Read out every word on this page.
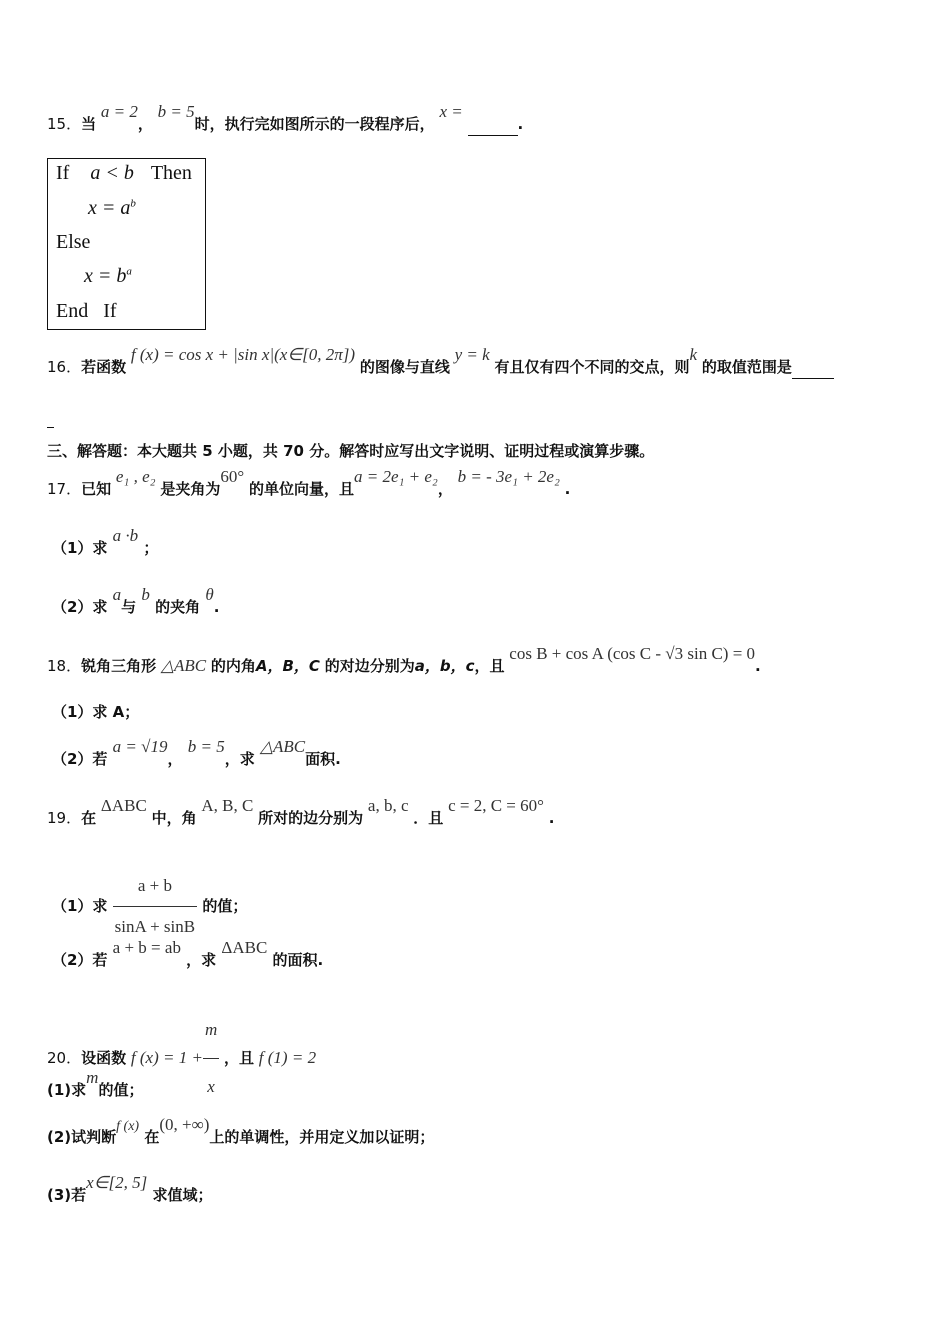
15．当 a = 2， b = 5时，执行完如图所示的一段程序后， x =  .
If a < b Then
$x = a^b$
Else
$x = b^a$
End If
16．若函数 f (x) = cos x + |sin x|(x∈[0, 2π]) 的图像与直线 y = k 有且仅有四个不同的交点，则k 的取值范围是

三、解答题：本大题共 5 小题，共 70 分。解答时应写出文字说明、证明过程或演算步骤。
17．已知 e₁ , e₂ 是夹角为60° 的单位向量，且a = 2e₁ + e₂， b = - 3e₁ + 2e₂ .
（1）求 a ·b ；
（2）求 a与 b 的夹角 θ.
18．锐角三角形 △ABC 的内角A，B，C 的对边分别为a，b，c，且 cos B + cos A (cos C - √3 sin C) = 0.
（1）求 A；
（2）若 a = √19， b = 5，求 △ABC面积.
19．在 ΔABC 中，角 A, B, C 所对的边分别为 a, b, c ．且 c = 2, C = 60° .
（1）求 $\frac{a + b}{\sin A + \sin B}$ 的值；
（2）若 a + b = ab ，求 ΔABC 的面积.
20．设函数 f $(x) = 1 + \frac{m}{x}$ ，且 f (1) = 2
(1)求m的值；
(2)试判断f (x) 在(0, +∞)上的单调性，并用定义加以证明；
(3)若x∈[2, 5] 求值域；
